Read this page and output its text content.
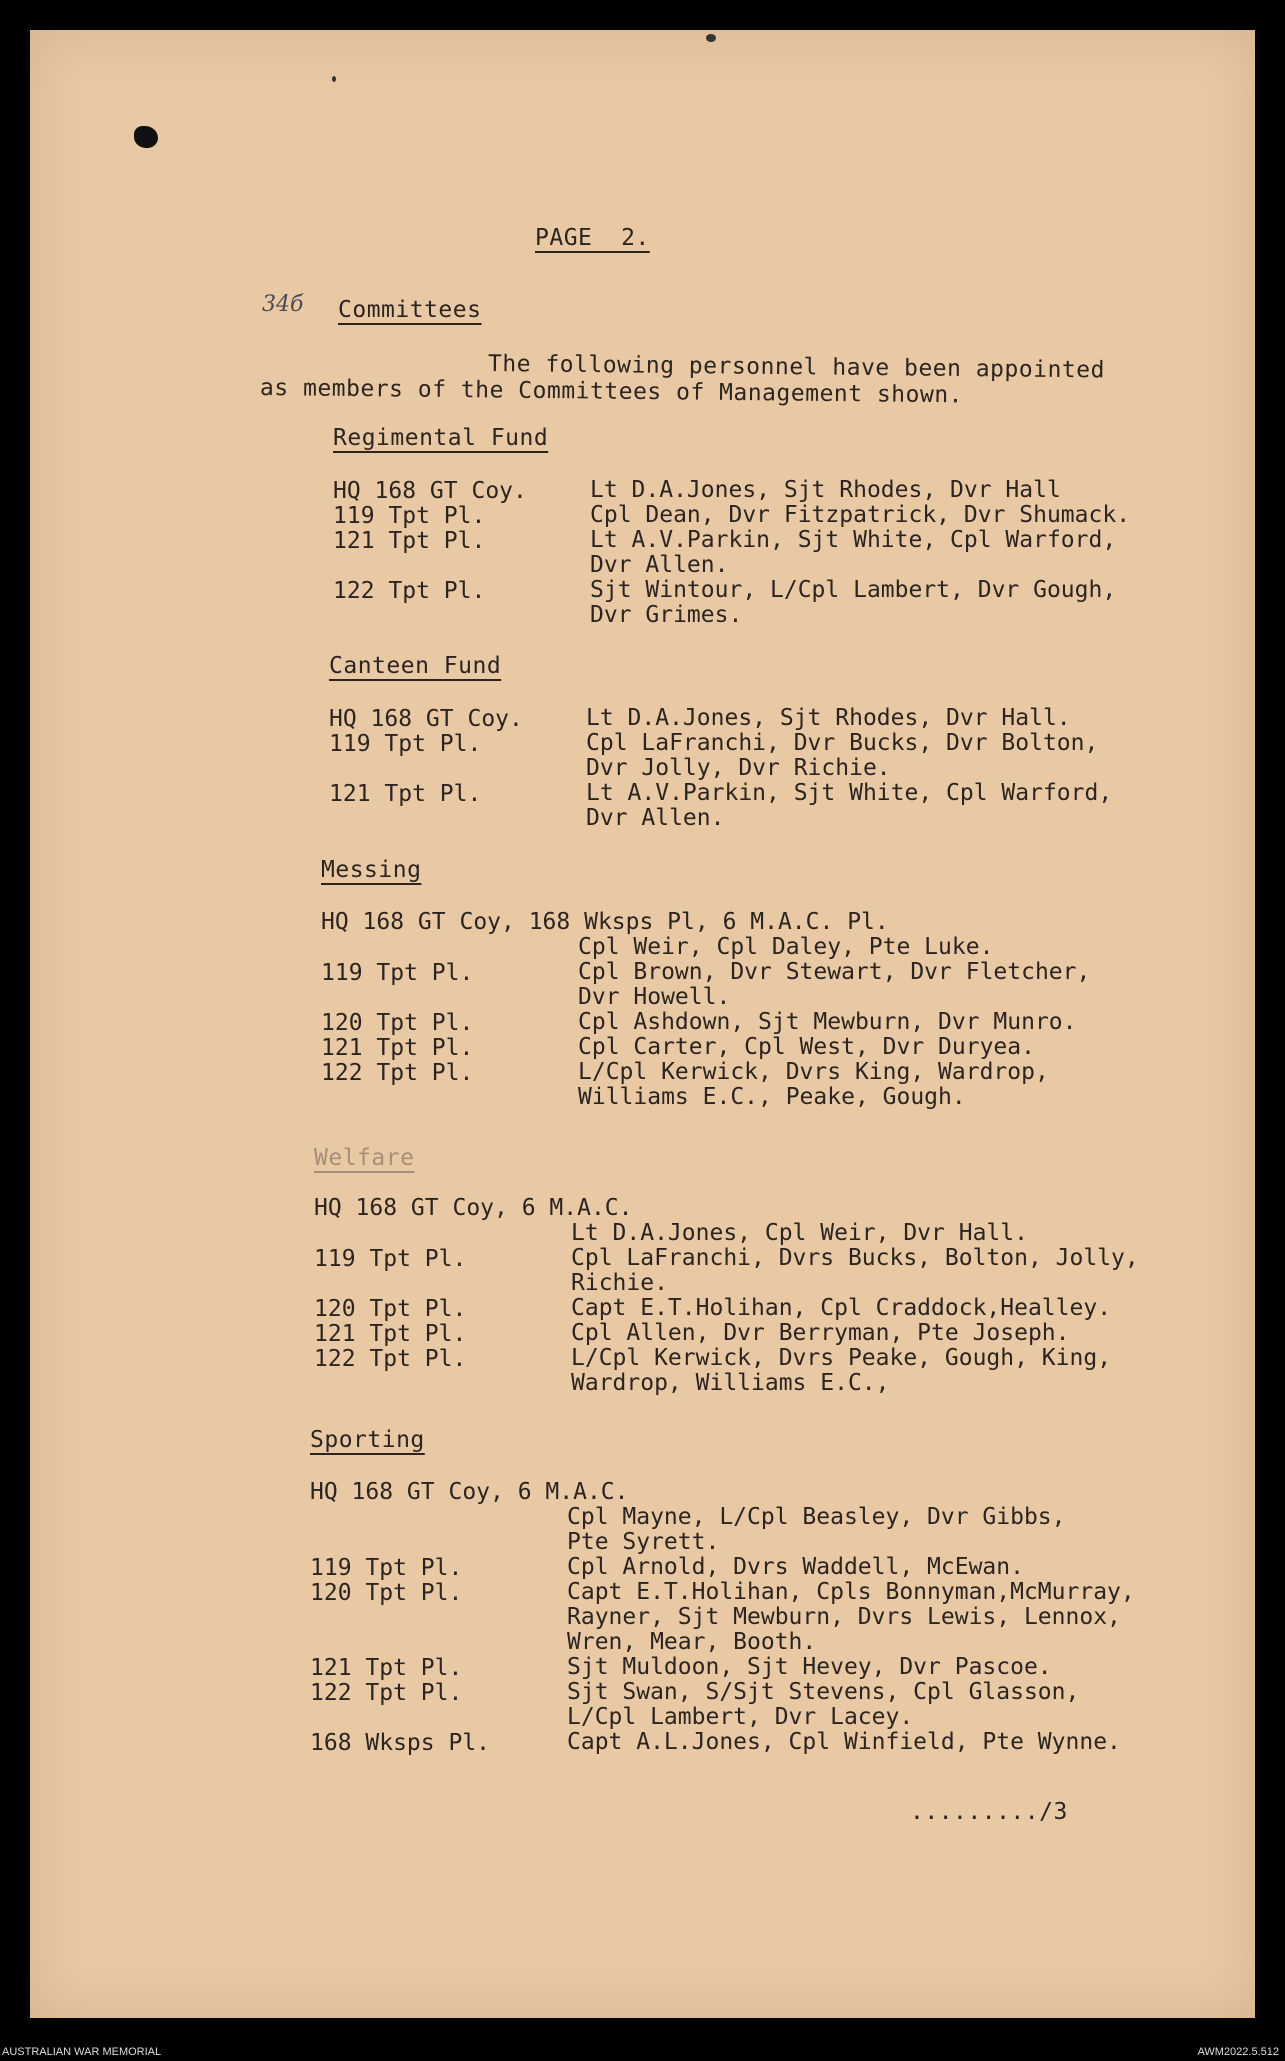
PAGE  2.
34б Committees
The following personnel have been appointed
as members of the Committees of Management shown.
Regimental Fund
HQ 168 GT Coy.	Lt D.A.Jones, Sjt Rhodes, Dvr Hall
119 Tpt Pl.	Cpl Dean, Dvr Fitzpatrick, Dvr Shumack.
121 Tpt Pl.	Lt A.V.Parkin, Sjt White, Cpl Warford,
Dvr Allen.
122 Tpt Pl.	Sjt Wintour, L/Cpl Lambert, Dvr Gough,
Dvr Grimes.
Canteen Fund
HQ 168 GT Coy.	Lt D.A.Jones, Sjt Rhodes, Dvr Hall.
119 Tpt Pl.	Cpl LaFranchi, Dvr Bucks, Dvr Bolton,
Dvr Jolly, Dvr Richie.
121 Tpt Pl.	Lt A.V.Parkin, Sjt White, Cpl Warford,
Dvr Allen.
Messing
HQ 168 GT Coy, 168 Wksps Pl, 6 M.A.C. Pl.
Cpl Weir, Cpl Daley, Pte Luke.
119 Tpt Pl.	Cpl Brown, Dvr Stewart, Dvr Fletcher,
Dvr Howell.
120 Tpt Pl.	Cpl Ashdown, Sjt Mewburn, Dvr Munro.
121 Tpt Pl.	Cpl Carter, Cpl West, Dvr Duryea.
122 Tpt Pl.	L/Cpl Kerwick, Dvrs King, Wardrop,
Williams E.C., Peake, Gough.
Welfare
HQ 168 GT Coy, 6 M.A.C.
Lt D.A.Jones, Cpl Weir, Dvr Hall.
119 Tpt Pl.	Cpl LaFranchi, Dvrs Bucks, Bolton, Jolly,
Richie.
120 Tpt Pl.	Capt E.T.Holihan, Cpl Craddock,Healley.
121 Tpt Pl.	Cpl Allen, Dvr Berryman, Pte Joseph.
122 Tpt Pl.	L/Cpl Kerwick, Dvrs Peake, Gough, King,
Wardrop, Williams E.C.,
Sporting
HQ 168 GT Coy, 6 M.A.C.
Cpl Mayne, L/Cpl Beasley, Dvr Gibbs,
Pte Syrett.
119 Tpt Pl.	Cpl Arnold, Dvrs Waddell, McEwan.
120 Tpt Pl.	Capt E.T.Holihan, Cpls Bonnyman,McMurray,
Rayner, Sjt Mewburn, Dvrs Lewis, Lennox,
Wren, Mear, Booth.
121 Tpt Pl.	Sjt Muldoon, Sjt Hevey, Dvr Pascoe.
122 Tpt Pl.	Sjt Swan, S/Sjt Stevens, Cpl Glasson,
L/Cpl Lambert, Dvr Lacey.
168 Wksps Pl.	Capt A.L.Jones, Cpl Winfield, Pte Wynne.
........./3
AUSTRALIAN WAR MEMORIAL	AWM2022.5.512
